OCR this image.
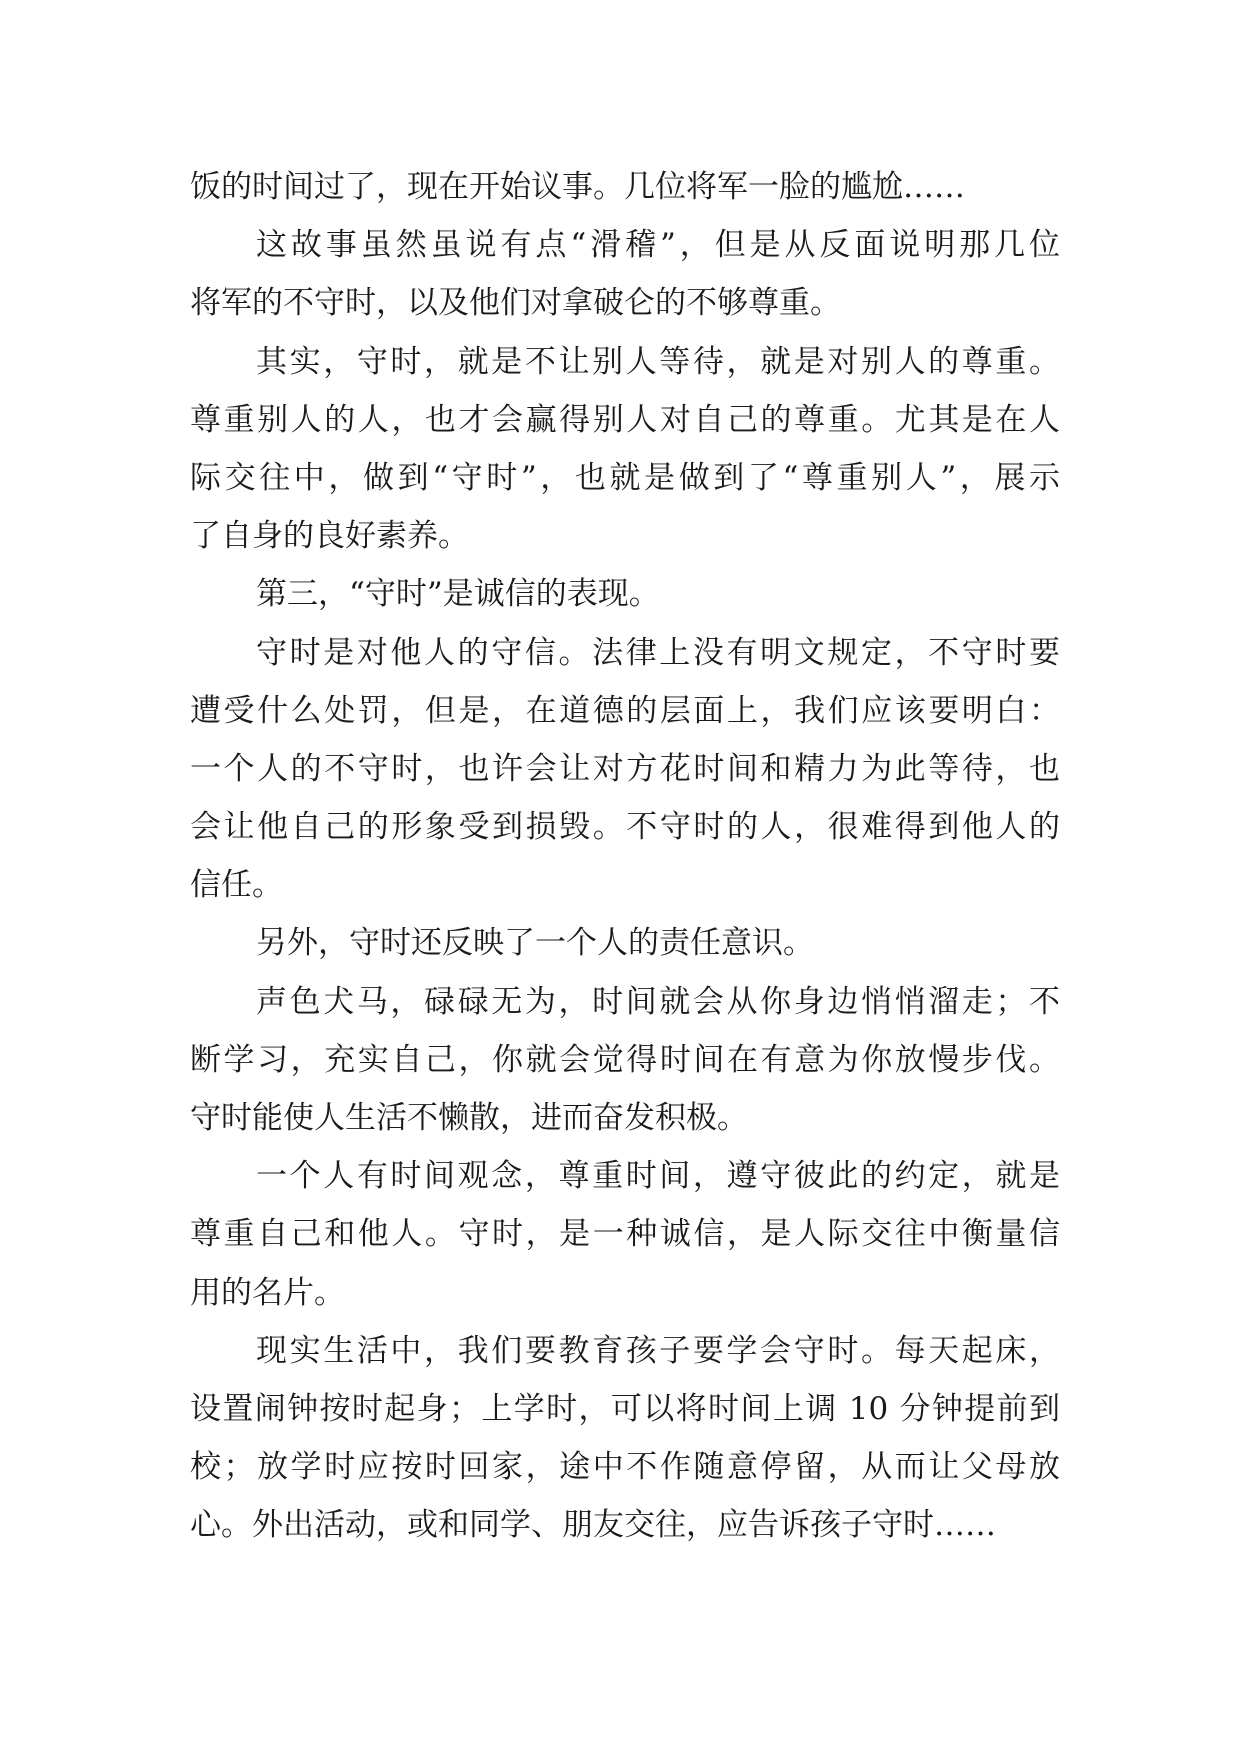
饭的时间过了，现在开始议事。几位将军一脸的尴尬……
这故事虽然虽说有点“滑稽”，但是从反面说明那几位
将军的不守时，以及他们对拿破仑的不够尊重。
其实，守时，就是不让别人等待，就是对别人的尊重。
尊重别人的人，也才会赢得别人对自己的尊重。尤其是在人
际交往中，做到“守时”，也就是做到了“尊重别人”，展示
了自身的良好素养。
第三，“守时”是诚信的表现。
守时是对他人的守信。法律上没有明文规定，不守时要
遭受什么处罚，但是，在道德的层面上，我们应该要明白：
一个人的不守时，也许会让对方花时间和精力为此等待，也
会让他自己的形象受到损毁。不守时的人，很难得到他人的
信任。
另外，守时还反映了一个人的责任意识。
声色犬马，碌碌无为，时间就会从你身边悄悄溜走；不
断学习，充实自己，你就会觉得时间在有意为你放慢步伐。
守时能使人生活不懒散，进而奋发积极。
一个人有时间观念，尊重时间，遵守彼此的约定，就是
尊重自己和他人。守时，是一种诚信，是人际交往中衡量信
用的名片。
现实生活中，我们要教育孩子要学会守时。每天起床，
设置闹钟按时起身；上学时，可以将时间上调 10 分钟提前到
校；放学时应按时回家，途中不作随意停留，从而让父母放
心。外出活动，或和同学、朋友交往，应告诉孩子守时……
